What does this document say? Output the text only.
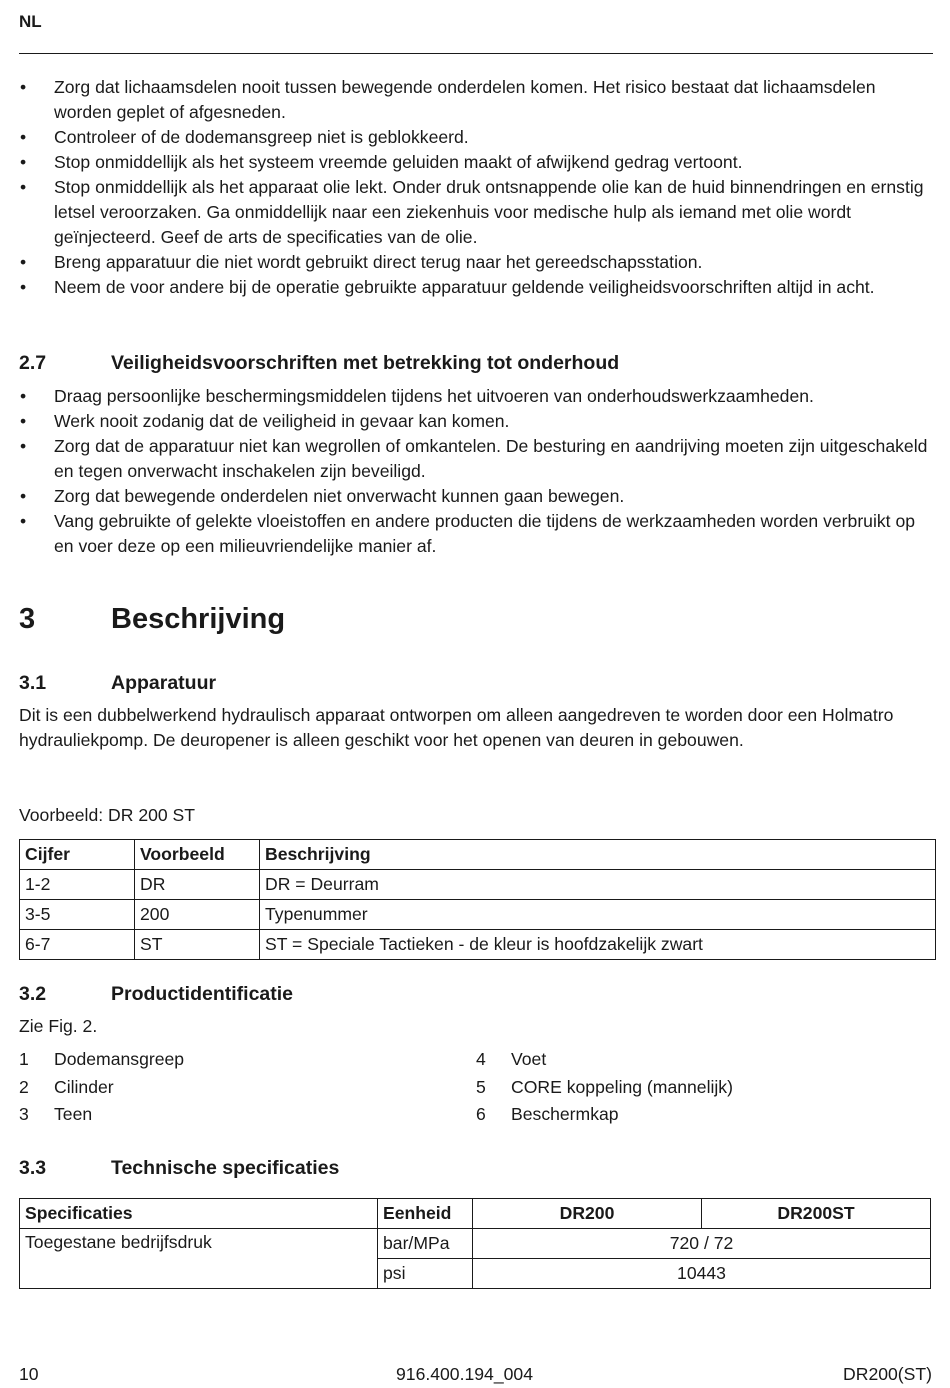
NL
• Zorg dat lichaamsdelen nooit tussen bewegende onderdelen komen. Het risico bestaat dat lichaamsdelen worden geplet of afgesneden.
• Controleer of de dodemansgreep niet is geblokkeerd.
• Stop onmiddellijk als het systeem vreemde geluiden maakt of afwijkend gedrag vertoont.
• Stop onmiddellijk als het apparaat olie lekt. Onder druk ontsnappende olie kan de huid binnendringen en ernstig letsel veroorzaken. Ga onmiddellijk naar een ziekenhuis voor medische hulp als iemand met olie wordt geïnjecteerd. Geef de arts de specificaties van de olie.
• Breng apparatuur die niet wordt gebruikt direct terug naar het gereedschapsstation.
• Neem de voor andere bij de operatie gebruikte apparatuur geldende veiligheidsvoorschriften altijd in acht.
2.7	Veiligheidsvoorschriften met betrekking tot onderhoud
• Draag persoonlijke beschermingsmiddelen tijdens het uitvoeren van onderhoudswerkzaamheden.
• Werk nooit zodanig dat de veiligheid in gevaar kan komen.
• Zorg dat de apparatuur niet kan wegrollen of omkantelen. De besturing en aandrijving moeten zijn uitgeschakeld en tegen onverwacht inschakelen zijn beveiligd.
• Zorg dat bewegende onderdelen niet onverwacht kunnen gaan bewegen.
• Vang gebruikte of gelekte vloeistoffen en andere producten die tijdens de werkzaamheden worden verbruikt op en voer deze op een milieuvriendelijke manier af.
3	Beschrijving
3.1	Apparatuur
Dit is een dubbelwerkend hydraulisch apparaat ontworpen om alleen aangedreven te worden door een Holmatro hydrauliekpomp. De deuropener is alleen geschikt voor het openen van deuren in gebouwen.
Voorbeeld: DR 200 ST
Cijfer	Voorbeeld	Beschrijving
1-2	DR	DR = Deurram
3-5	200	Typenummer
6-7	ST	ST = Speciale Tactieken - de kleur is hoofdzakelijk zwart
3.2	Productidentificatie
Zie Fig. 2.
1 Dodemansgreep
2 Cilinder
3 Teen
4 Voet
5 CORE koppeling (mannelijk)
6 Beschermkap
3.3	Technische specificaties
Specificaties	Eenheid	DR200	DR200ST
Toegestane bedrijfsdruk	bar/MPa	720 / 72	
	psi	10443	
10	916.400.194_004	DR200(ST)
